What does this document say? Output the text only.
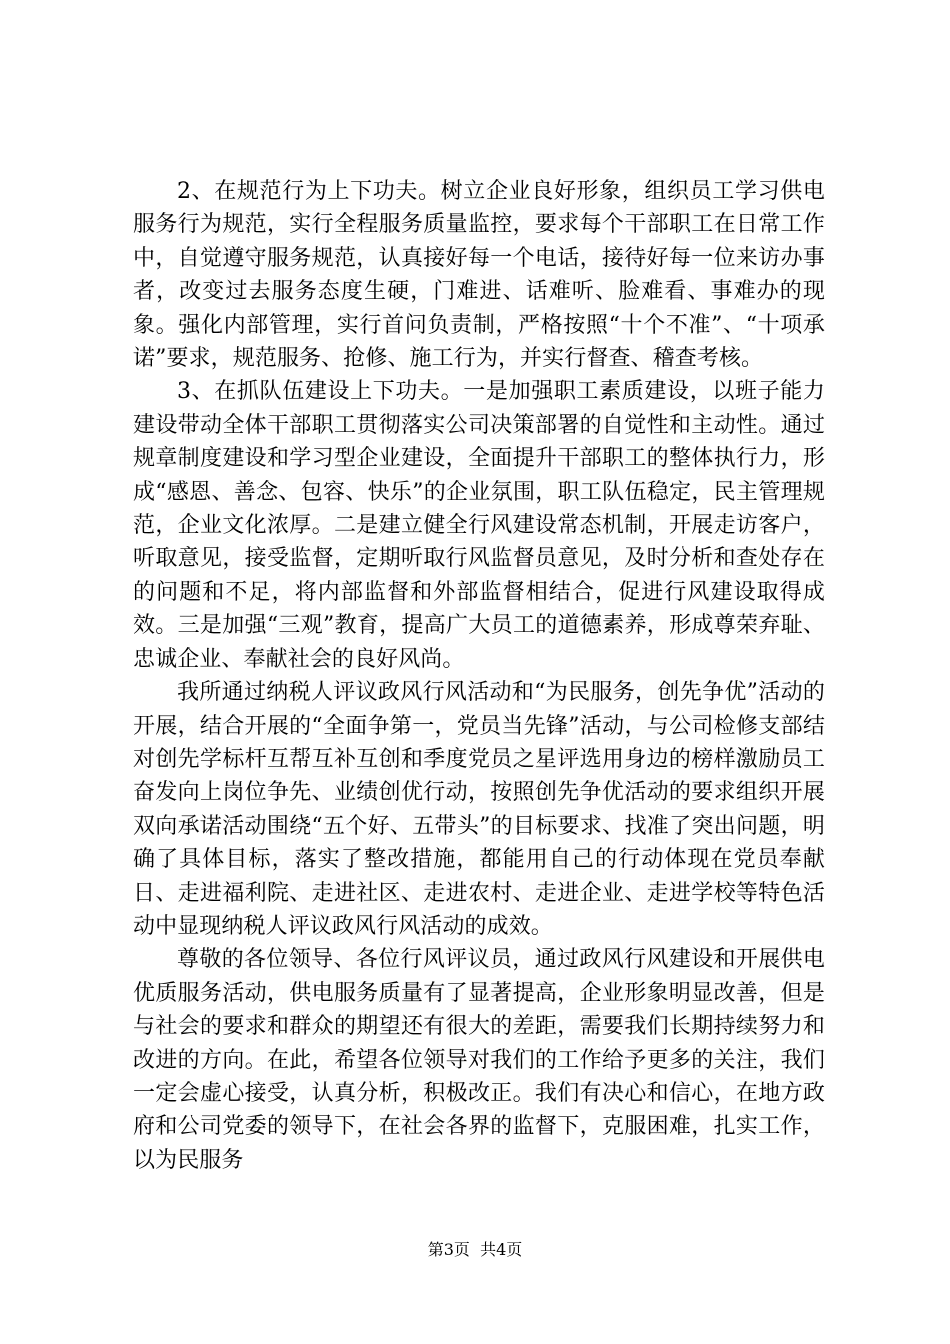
2、在规范行为上下功夫。树立企业良好形象，组织员工学习供电服务行为规范，实行全程服务质量监控，要求每个干部职工在日常工作中，自觉遵守服务规范，认真接好每一个电话，接待好每一位来访办事者，改变过去服务态度生硬，门难进、话难听、脸难看、事难办的现象。强化内部管理，实行首问负责制，严格按照“十个不准”、“十项承诺”要求，规范服务、抢修、施工行为，并实行督查、稽查考核。

3、在抓队伍建设上下功夫。一是加强职工素质建设，以班子能力建设带动全体干部职工贯彻落实公司决策部署的自觉性和主动性。通过规章制度建设和学习型企业建设，全面提升干部职工的整体执行力，形成“感恩、善念、包容、快乐”的企业氛围，职工队伍稳定，民主管理规范，企业文化浓厚。二是建立健全行风建设常态机制，开展走访客户，听取意见，接受监督，定期听取行风监督员意见，及时分析和查处存在的问题和不足，将内部监督和外部监督相结合，促进行风建设取得成效。三是加强“三观”教育，提高广大员工的道德素养，形成尊荣弃耻、忠诚企业、奉献社会的良好风尚。

我所通过纳税人评议政风行风活动和“为民服务，创先争优”活动的开展，结合开展的“全面争第一，党员当先锋”活动，与公司检修支部结对创先学标杆互帮互补互创和季度党员之星评选用身边的榜样激励员工奋发向上岗位争先、业绩创优行动，按照创先争优活动的要求组织开展双向承诺活动围绕“五个好、五带头”的目标要求、找准了突出问题，明确了具体目标，落实了整改措施，都能用自己的行动体现在党员奉献日、走进福利院、走进社区、走进农村、走进企业、走进学校等特色活动中显现纳税人评议政风行风活动的成效。

尊敬的各位领导、各位行风评议员，通过政风行风建设和开展供电优质服务活动，供电服务质量有了显著提高，企业形象明显改善，但是与社会的要求和群众的期望还有很大的差距，需要我们长期持续努力和改进的方向。在此，希望各位领导对我们的工作给予更多的关注，我们一定会虚心接受，认真分析，积极改正。我们有决心和信心，在地方政府和公司党委的领导下，在社会各界的监督下，克服困难，扎实工作，以为民服务

第3页  共4页
